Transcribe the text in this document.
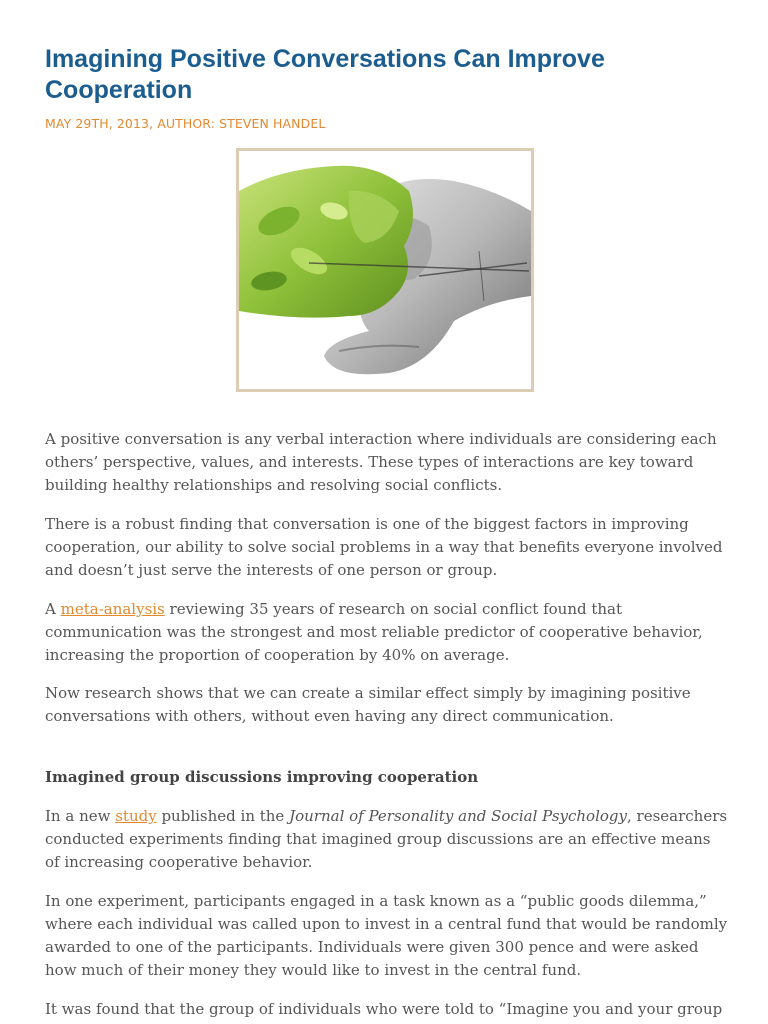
Imagining Positive Conversations Can Improve Cooperation
MAY 29TH, 2013, AUTHOR: STEVEN HANDEL

A positive conversation is any verbal interaction where individuals are considering each others’ perspective, values, and interests. These types of interactions are key toward building healthy relationships and resolving social conflicts.

There is a robust finding that conversation is one of the biggest factors in improving cooperation, our ability to solve social problems in a way that benefits everyone involved and doesn’t just serve the interests of one person or group.

A meta-analysis reviewing 35 years of research on social conflict found that communication was the strongest and most reliable predictor of cooperative behavior, increasing the proportion of cooperation by 40% on average.

Now research shows that we can create a similar effect simply by imagining positive conversations with others, without even having any direct communication.

Imagined group discussions improving cooperation

In a new study published in the Journal of Personality and Social Psychology, researchers conducted experiments finding that imagined group discussions are an effective means of increasing cooperative behavior.

In one experiment, participants engaged in a task known as a “public goods dilemma,” where each individual was called upon to invest in a central fund that would be randomly awarded to one of the participants. Individuals were given 300 pence and were asked how much of their money they would like to invest in the central fund.

It was found that the group of individuals who were told to “Imagine you and your group
